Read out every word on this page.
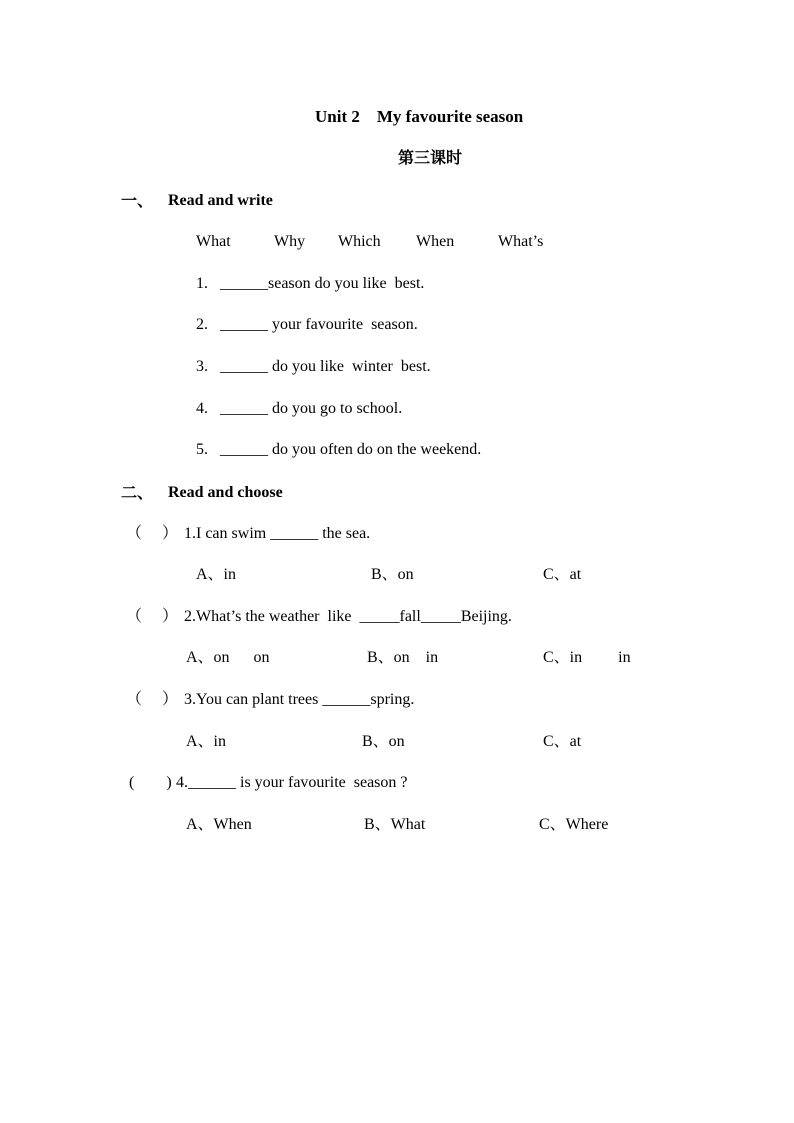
Unit 2    My favourite season
第三课时
一、 Read and write
What	Why Which When	What’s
1. ______season do you like  best.
2. ______ your favourite  season.
3. ______ do you like  winter  best.
4. ______ do you go to school.
5. ______ do you often do on the weekend.
二、 Read and choose
（     ） 1.I can swim ______ the sea.
A、in	B、on	C、at
（     ） 2.What’s the weather  like  _____fall_____Beijing.
A、on      on	B、on    in	C、in         in
（     ） 3.You can plant trees ______spring.
A、in	B、on	C、at
(        ) 4.______ is your favourite  season ?
A、When	B、What	C、Where
